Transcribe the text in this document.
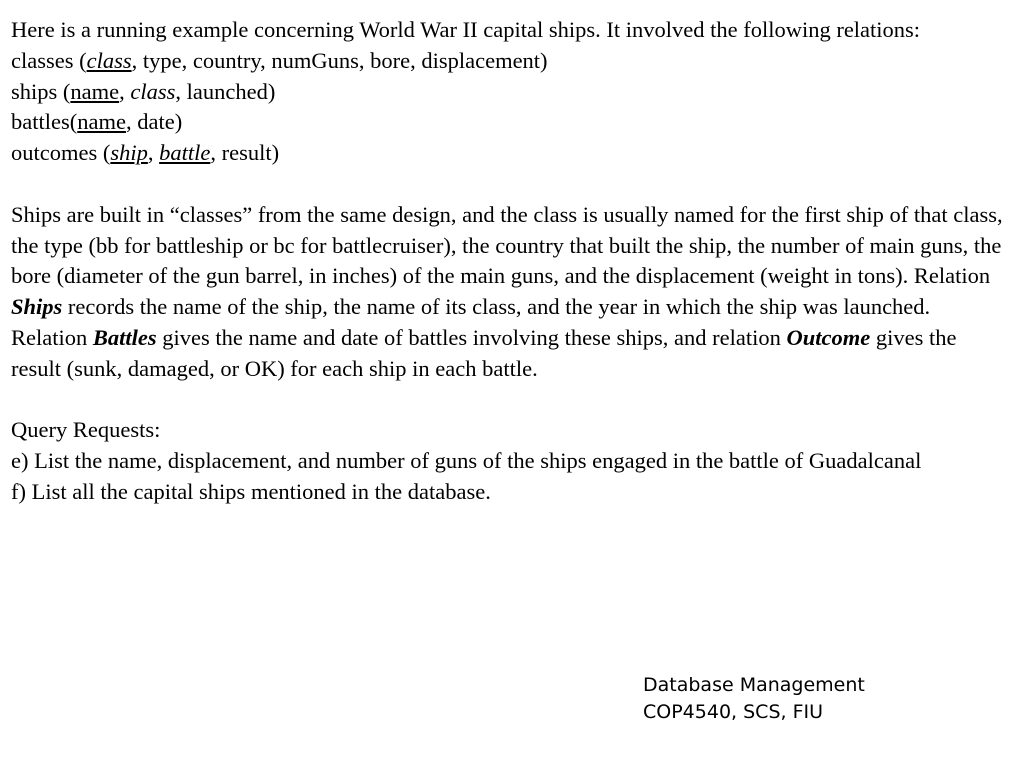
Here is a running example concerning World War II capital ships. It involved the following relations:

classes (class, type, country, numGuns, bore, displacement)

ships (name, class, launched)

battles(name, date)

outcomes (ship, battle, result)

Ships are built in “classes” from the same design, and the class is usually named for the first ship of that class, the type (bb for battleship or bc for battlecruiser), the country that built the ship, the number of main guns, the bore (diameter of the gun barrel, in inches) of the main guns, and the displacement (weight in tons). Relation Ships records the name of the ship, the name of its class, and the year in which the ship was launched. Relation Battles gives the name and date of battles involving these ships, and relation Outcome gives the result (sunk, damaged, or OK) for each ship in each battle.

Query Requests:

e) List the name, displacement, and number of guns of the ships engaged in the battle of Guadalcanal

f) List all the capital ships mentioned in the database.

Database Management
COP4540, SCS, FIU
